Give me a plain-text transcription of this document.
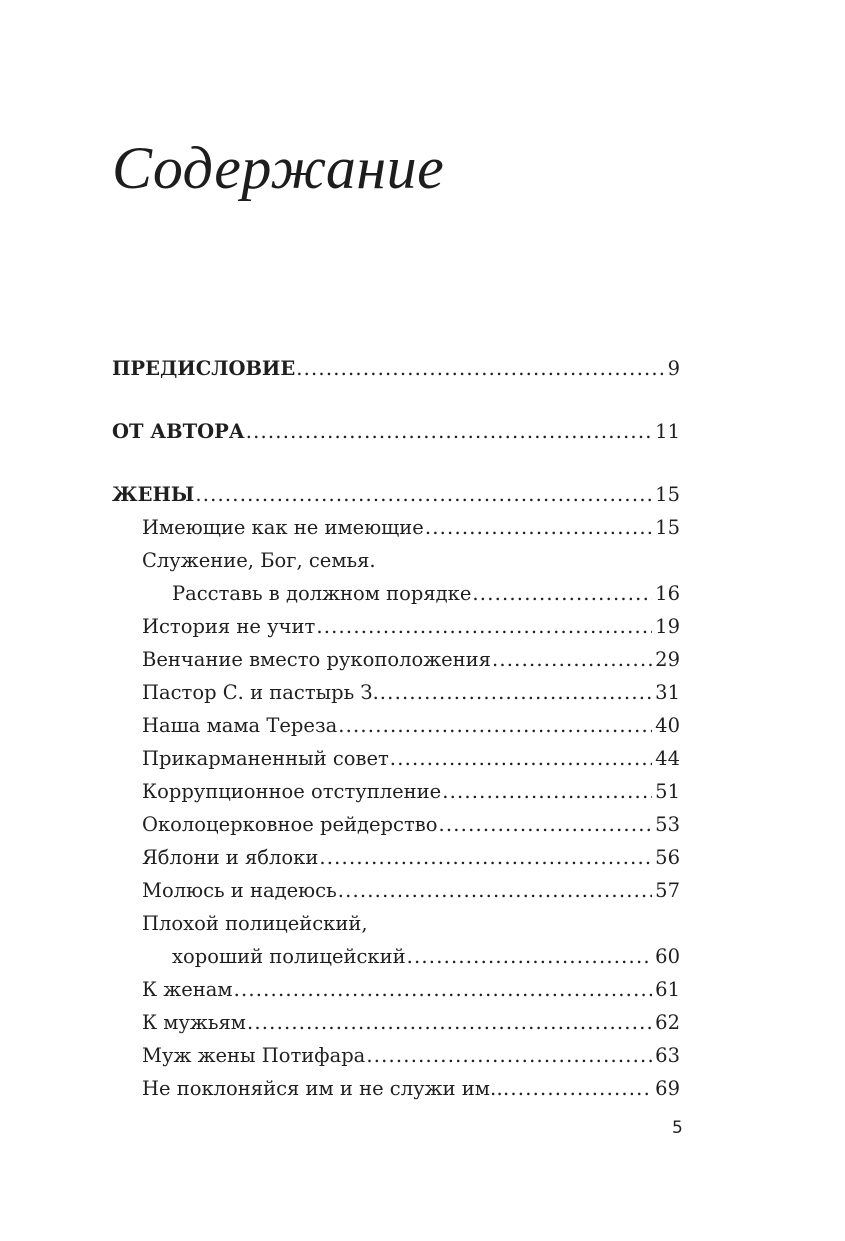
Содержание
ПРЕДИСЛОВИЕ .....	9
ОТ АВТОРА .....	11
ЖЕНЫ .....	15
Имеющие как не имеющие .....	15
Служение, Бог, семья.
Расставь в должном порядке .....	16
История не учит .....	19
Венчание вместо рукоположения .....	29
Пастор С. и пастырь З. .....	31
Наша мама Тереза .....	40
Прикарманенный совет .....	44
Коррупционное отступление .....	51
Околоцерковное рейдерство .....	53
Яблони и яблоки .....	56
Молюсь и надеюсь .....	57
Плохой полицейский,
хороший полицейский .....	60
К женам .....	61
К мужьям .....	62
Муж жены Потифара .....	63
Не поклоняйся им и не служи им… .....	69
5
